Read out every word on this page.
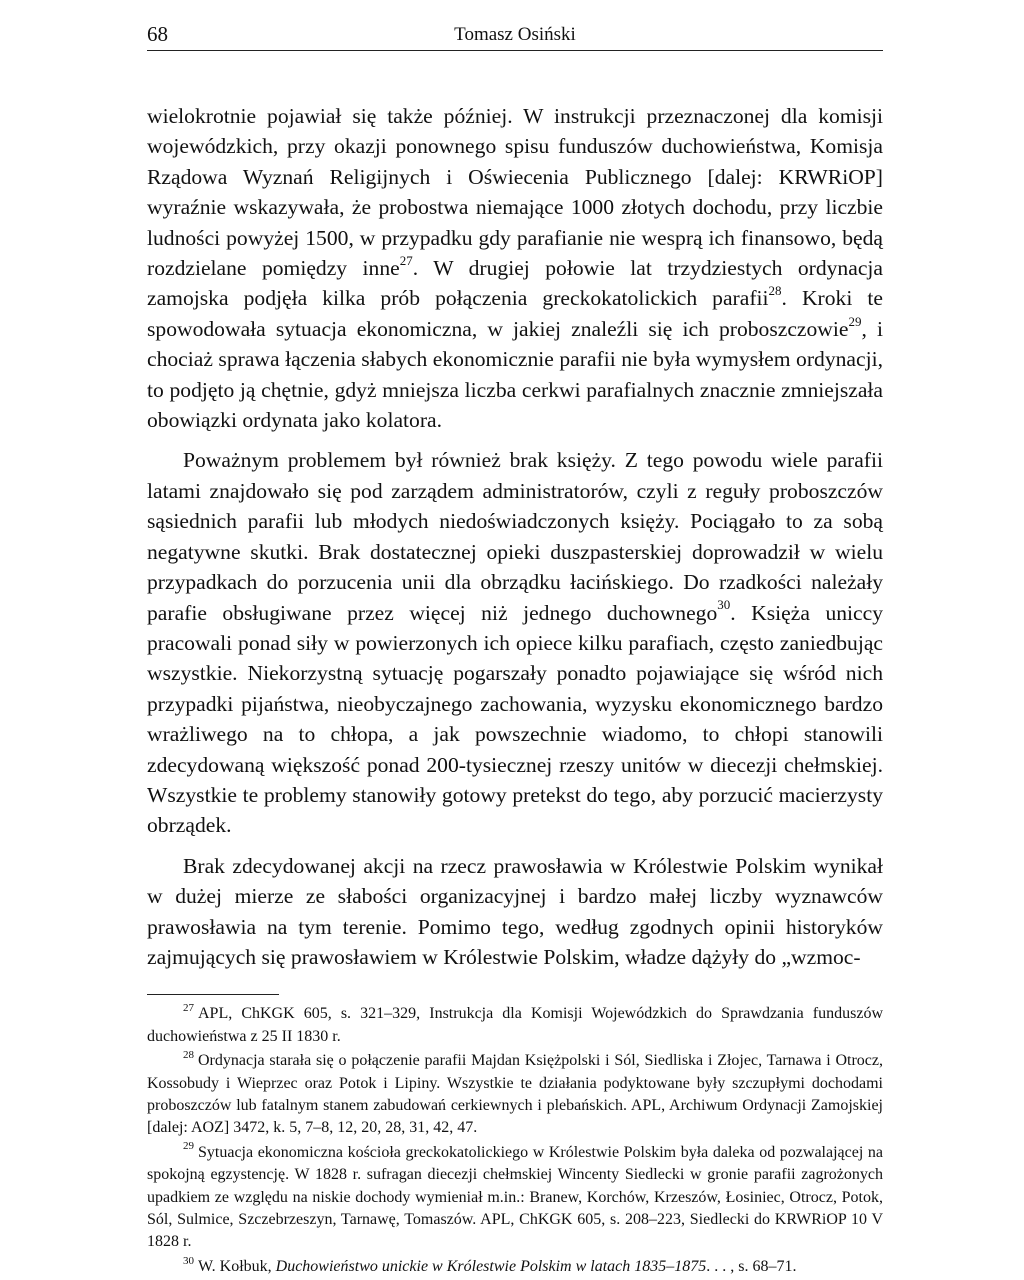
68	Tomasz Osiński

wielokrotnie pojawiał się także później. W instrukcji przeznaczonej dla komisji wojewódzkich, przy okazji ponownego spisu funduszów duchowieństwa, Komisja Rządowa Wyznań Religijnych i Oświecenia Publicznego [dalej: KRWRiOP] wyraźnie wskazywała, że probostwa niemające 1000 złotych dochodu, przy liczbie ludności powyżej 1500, w przypadku gdy parafianie nie wesprą ich finansowo, będą rozdzielane pomiędzy inne$^{27}$. W drugiej połowie lat trzydziestych ordynacja zamojska podjęła kilka prób połączenia greckokatolickich parafii$^{28}$. Kroki te spowodowała sytuacja ekonomiczna, w jakiej znaleźli się ich proboszczowie$^{29}$, i chociaż sprawa łączenia słabych ekonomicznie parafii nie była wymysłem ordynacji, to podjęto ją chętnie, gdyż mniejsza liczba cerkwi parafialnych znacznie zmniejszała obowiązki ordynata jako kolatora.

Poważnym problemem był również brak księży. Z tego powodu wiele parafii latami znajdowało się pod zarządem administratorów, czyli z reguły proboszczów sąsiednich parafii lub młodych niedoświadczonych księży. Pociągało to za sobą negatywne skutki. Brak dostatecznej opieki duszpasterskiej doprowadził w wielu przypadkach do porzucenia unii dla obrządku łacińskiego. Do rzadkości należały parafie obsługiwane przez więcej niż jednego duchownego$^{30}$. Księża uniccy pracowali ponad siły w powierzonych ich opiece kilku parafiach, często zaniedbując wszystkie. Niekorzystną sytuację pogarszały ponadto pojawiające się wśród nich przypadki pijaństwa, nieobyczajnego zachowania, wyzysku ekonomicznego bardzo wrażliwego na to chłopa, a jak powszechnie wiadomo, to chłopi stanowili zdecydowaną większość ponad 200-tysiecznej rzeszy unitów w diecezji chełmskiej. Wszystkie te problemy stanowiły gotowy pretekst do tego, aby porzucić macierzysty obrządek.

Brak zdecydowanej akcji na rzecz prawosławia w Królestwie Polskim wynikał w dużej mierze ze słabości organizacyjnej i bardzo małej liczby wyznawców prawosławia na tym terenie. Pomimo tego, według zgodnych opinii historyków zajmujących się prawosławiem w Królestwie Polskim, władze dążyły do „wzmoc-

$^{27}$ APL, ChKGK 605, s. 321–329, Instrukcja dla Komisji Wojewódzkich do Sprawdzania funduszów duchowieństwa z 25 II 1830 r.

$^{28}$ Ordynacja starała się o połączenie parafii Majdan Księżpolski i Sól, Siedliska i Złojec, Tarnawa i Otrocz, Kossobudy i Wieprzec oraz Potok i Lipiny. Wszystkie te działania podyktowane były szczupłymi dochodami proboszczów lub fatalnym stanem zabudowań cerkiewnych i plebańskich. APL, Archiwum Ordynacji Zamojskiej [dalej: AOZ] 3472, k. 5, 7–8, 12, 20, 28, 31, 42, 47.

$^{29}$ Sytuacja ekonomiczna kościoła greckokatolickiego w Królestwie Polskim była daleka od pozwalającej na spokojną egzystencję. W 1828 r. sufragan diecezji chełmskiej Wincenty Siedlecki w gronie parafii zagrożonych upadkiem ze względu na niskie dochody wymieniał m.in.: Branew, Korchów, Krzeszów, Łosiniec, Otrocz, Potok, Sól, Sulmice, Szczebrzeszyn, Tarnawę, Tomaszów. APL, ChKGK 605, s. 208–223, Siedlecki do KRWRiOP 10 V 1828 r.

$^{30}$ W. Kołbuk, Duchowieństwo unickie w Królestwie Polskim w latach 1835–1875. . . , s. 68–71.
